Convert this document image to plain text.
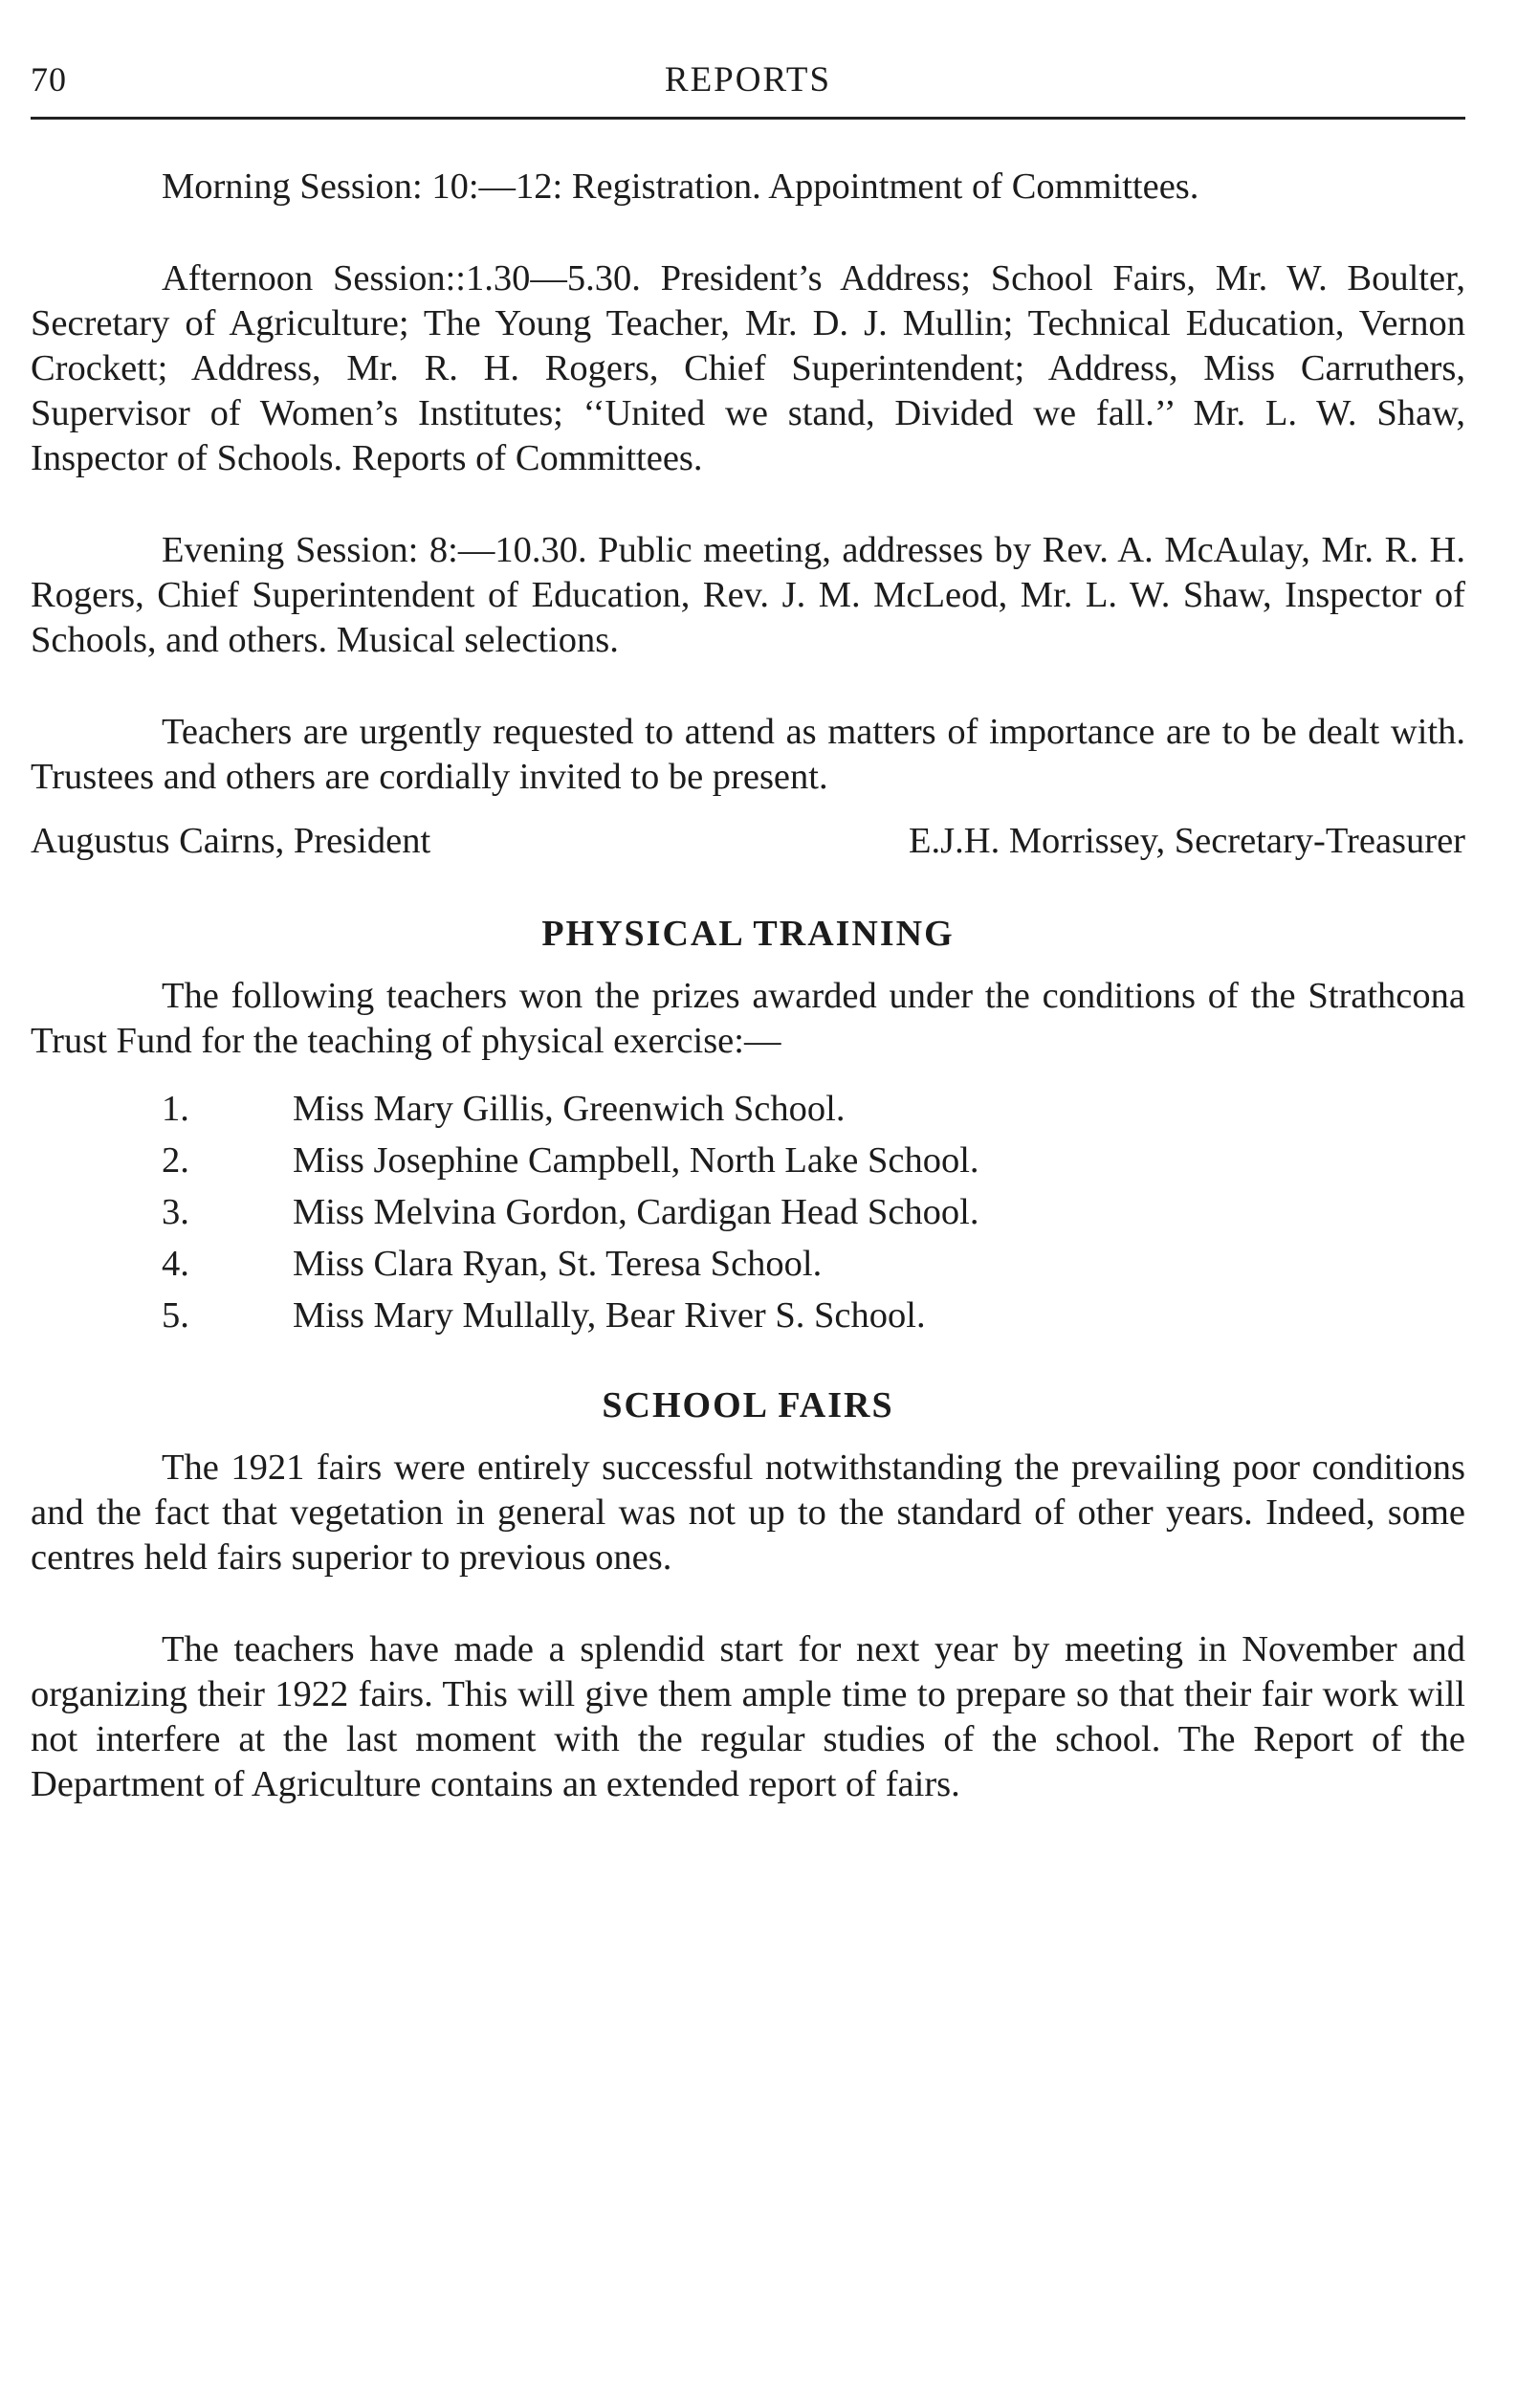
70	REPORTS

Morning Session: 10:—12: Registration. Appointment of Committees.

Afternoon Session::1.30—5.30. President’s Address; School Fairs, Mr. W. Boulter, Secretary of Agriculture; The Young Teacher, Mr. D. J. Mullin; Technical Education, Vernon Crockett; Address, Mr. R. H. Rogers, Chief Superintendent; Address, Miss Carruthers, Supervisor of Women’s Institutes; ‘‘United we stand, Divided we fall.’’ Mr. L. W. Shaw, Inspector of Schools. Reports of Committees.

Evening Session: 8:—10.30. Public meeting, addresses by Rev. A. McAulay, Mr. R. H. Rogers, Chief Superintendent of Education, Rev. J. M. McLeod, Mr. L. W. Shaw, Inspector of Schools, and others. Musical selections.

Teachers are urgently requested to attend as matters of importance are to be dealt with. Trustees and others are cordially invited to be present.

Augustus Cairns, President	E.J.H. Morrissey, Secretary-Treasurer
PHYSICAL TRAINING

The following teachers won the prizes awarded under the conditions of the Strathcona Trust Fund for the teaching of physical exercise:—

1.	Miss Mary Gillis, Greenwich School.
2.	Miss Josephine Campbell, North Lake School.
3.	Miss Melvina Gordon, Cardigan Head School.
4.	Miss Clara Ryan, St. Teresa School.
5.	Miss Mary Mullally, Bear River S. School.
SCHOOL FAIRS

The 1921 fairs were entirely successful notwithstanding the prevailing poor conditions and the fact that vegetation in general was not up to the standard of other years. Indeed, some centres held fairs superior to previous ones.

The teachers have made a splendid start for next year by meeting in November and organizing their 1922 fairs. This will give them ample time to prepare so that their fair work will not interfere at the last moment with the regular studies of the school. The Report of the Department of Agriculture contains an extended report of fairs.
